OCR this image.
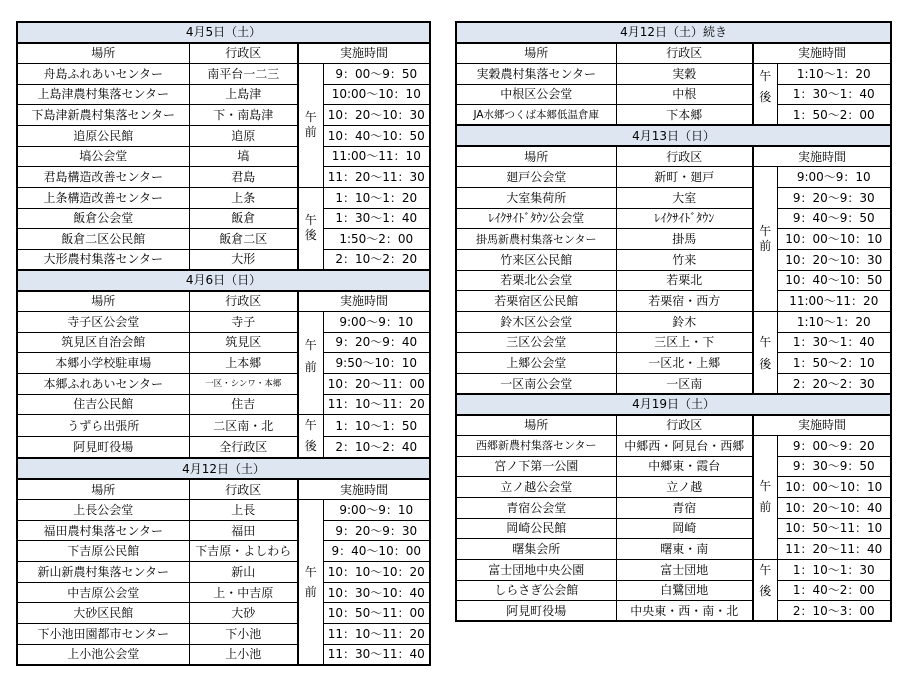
4月5日（土）			
場所	行政区	実施時間	
舟島ふれあいセンター	南平台一二三	午前	9：00～9：50
上島津農村集落センター	上島津		10:00～10：10
下島津新農村集落センター	下・南島津		10：20～10：30
追原公民館	追原		10：40～10：50
塙公会堂	塙		11:00～11：10
君島構造改善センター	君島		11：20～11：30
上条構造改善センター	上条	午後	1：10～1：20
飯倉公会堂	飯倉		1：30～1：40
飯倉二区公民館	飯倉二区		1:50～2：00
大形農村集落センター	大形		2：10～2：20
4月6日（日）			
場所	行政区	実施時間	
寺子区公会堂	寺子	午前	9:00～9：10
筑見区自治会館	筑見区		9：20～9：40
本郷小学校駐車場	上本郷		9:50～10：10
本郷ふれあいセンター	一区・シンワ・本郷		10：20～11：00
住吉公民館	住吉		11：10～11：20
うずら出張所	二区南・北	午後	1：10～1：50
阿見町役場	全行政区		2：10～2：40
4月12日（土）			
場所	行政区	実施時間	
上長公会堂	上長	午前	9:00～9：10
福田農村集落センター	福田		9：20～9：30
下吉原公民館	下吉原・よしわら		9：40～10：00
新山新農村集落センター	新山		10：10～10：20
中吉原公会堂	上・中吉原		10：30～10：40
大砂区民館	大砂		10：50～11：00
下小池田園都市センター	下小池		11：10～11：20
上小池公会堂	上小池		11：30～11：40
4月12日（土）続き			
場所	行政区	実施時間	
実穀農村集落センター	実穀	午後	1:10～1：20
中根区公会堂	中根		1：30～1：40
JA水郷つくば本郷低温倉庫	下本郷		1：50～2：00
4月13日（日）			
場所	行政区	実施時間	
廻戸公会堂	新町・廻戸	午前	9:00～9：10
大室集荷所	大室		9：20～9：30
ﾚｲｸｻｲﾄﾞﾀｳﾝ公会堂	ﾚｲｸｻｲﾄﾞﾀｳﾝ		9：40～9：50
掛馬新農村集落センター	掛馬		10：00～10：10
竹来区公民館	竹来		10：20～10：30
若栗北公会堂	若栗北		10：40～10：50
若栗宿区公民館	若栗宿・西方		11:00～11：20
鈴木区公会堂	鈴木	午後	1:10～1：20
三区公会堂	三区上・下		1：30～1：40
上郷公会堂	一区北・上郷		1：50～2：10
一区南公会堂	一区南		2：20～2：30
4月19日（土）			
場所	行政区	実施時間	
西郷新農村集落センター	中郷西・阿見台・西郷	午前	9：00～9：20
宮ノ下第一公園	中郷東・霞台		9：30～9：50
立ノ越公会堂	立ノ越		10：00～10：10
青宿公会堂	青宿		10：20～10：40
岡崎公民館	岡崎		10：50～11：10
曙集会所	曙東・南		11：20～11：40
富士団地中央公園	富士団地	午後	1：10～1：30
しらさぎ公会館	白鷺団地		1：40～2：00
阿見町役場	中央東・西・南・北		2：10～3：00
